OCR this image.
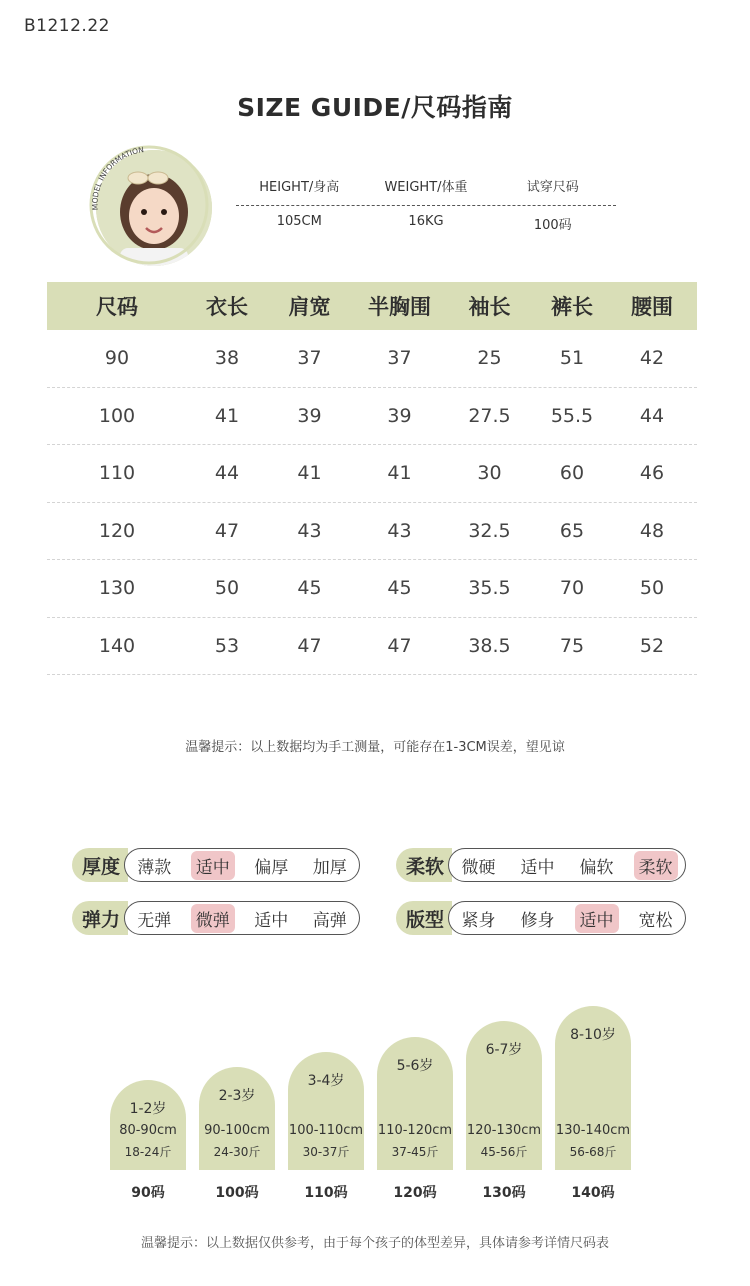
B1212.22
SIZE GUIDE/尺码指南
MODEL INFORMATION
HEIGHT/身高	WEIGHT/体重	试穿尺码
105CM	16KG	100码
尺码	衣长	肩宽	半胸围	袖长	裤长	腰围
90	38	37	37	25	51	42
100	41	39	39	27.5	55.5	44
110	44	41	41	30	60	46
120	47	43	43	32.5	65	48
130	50	45	45	35.5	70	50
140	53	47	47	38.5	75	52
温馨提示：以上数据均为手工测量，可能存在1-3CM误差，望见谅
厚度	薄款 适中 偏厚 加厚	柔软	微硬 适中 偏软 柔软
弹力	无弹 微弹 适中 高弹	版型	紧身 修身 适中 宽松
1-2岁
80-90cm
18-24斤
90码
2-3岁
90-100cm
24-30斤
100码
3-4岁
100-110cm
30-37斤
110码
5-6岁
110-120cm
37-45斤
120码
6-7岁
120-130cm
45-56斤
130码
8-10岁
130-140cm
56-68斤
140码
温馨提示：以上数据仅供参考，由于每个孩子的体型差异，具体请参考详情尺码表
